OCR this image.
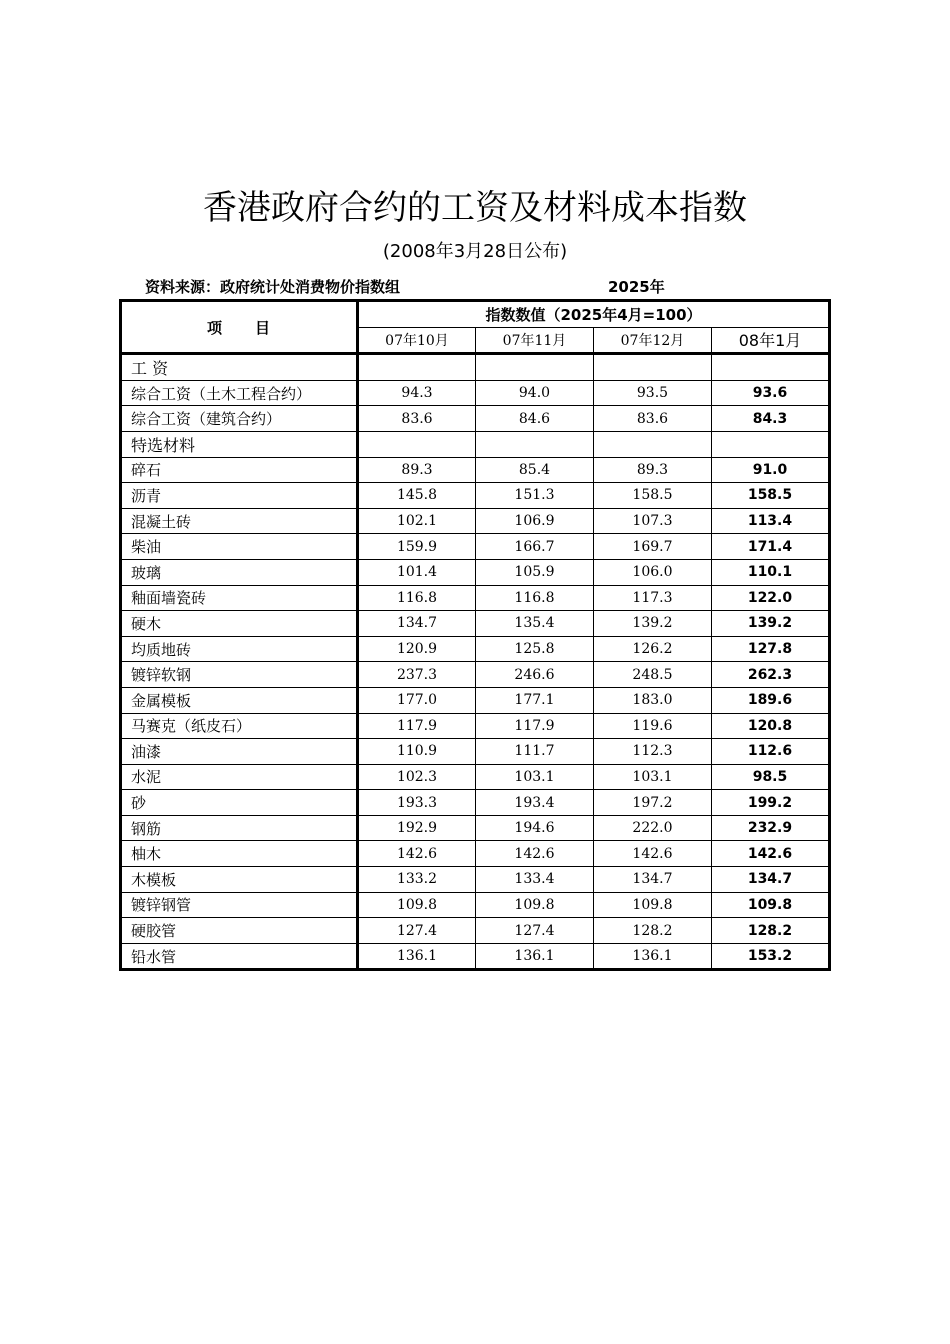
香港政府合约的工资及材料成本指数
(2008年3月28日公布)
资料来源：政府统计处消费物价指数组	2025年
项　　目	指数数值（2025年4月=100）			
	07年10月	07年11月	07年12月	08年1月
工 资				
综合工资（土木工程合约）	94.3	94.0	93.5	93.6
综合工资（建筑合约）	83.6	84.6	83.6	84.3
特选材料				
碎石	89.3	85.4	89.3	91.0
沥青	145.8	151.3	158.5	158.5
混凝土砖	102.1	106.9	107.3	113.4
柴油	159.9	166.7	169.7	171.4
玻璃	101.4	105.9	106.0	110.1
釉面墙瓷砖	116.8	116.8	117.3	122.0
硬木	134.7	135.4	139.2	139.2
均质地砖	120.9	125.8	126.2	127.8
镀锌软钢	237.3	246.6	248.5	262.3
金属模板	177.0	177.1	183.0	189.6
马赛克（纸皮石）	117.9	117.9	119.6	120.8
油漆	110.9	111.7	112.3	112.6
水泥	102.3	103.1	103.1	98.5
砂	193.3	193.4	197.2	199.2
钢筋	192.9	194.6	222.0	232.9
柚木	142.6	142.6	142.6	142.6
木模板	133.2	133.4	134.7	134.7
镀锌钢管	109.8	109.8	109.8	109.8
硬胶管	127.4	127.4	128.2	128.2
铅水管	136.1	136.1	136.1	153.2
